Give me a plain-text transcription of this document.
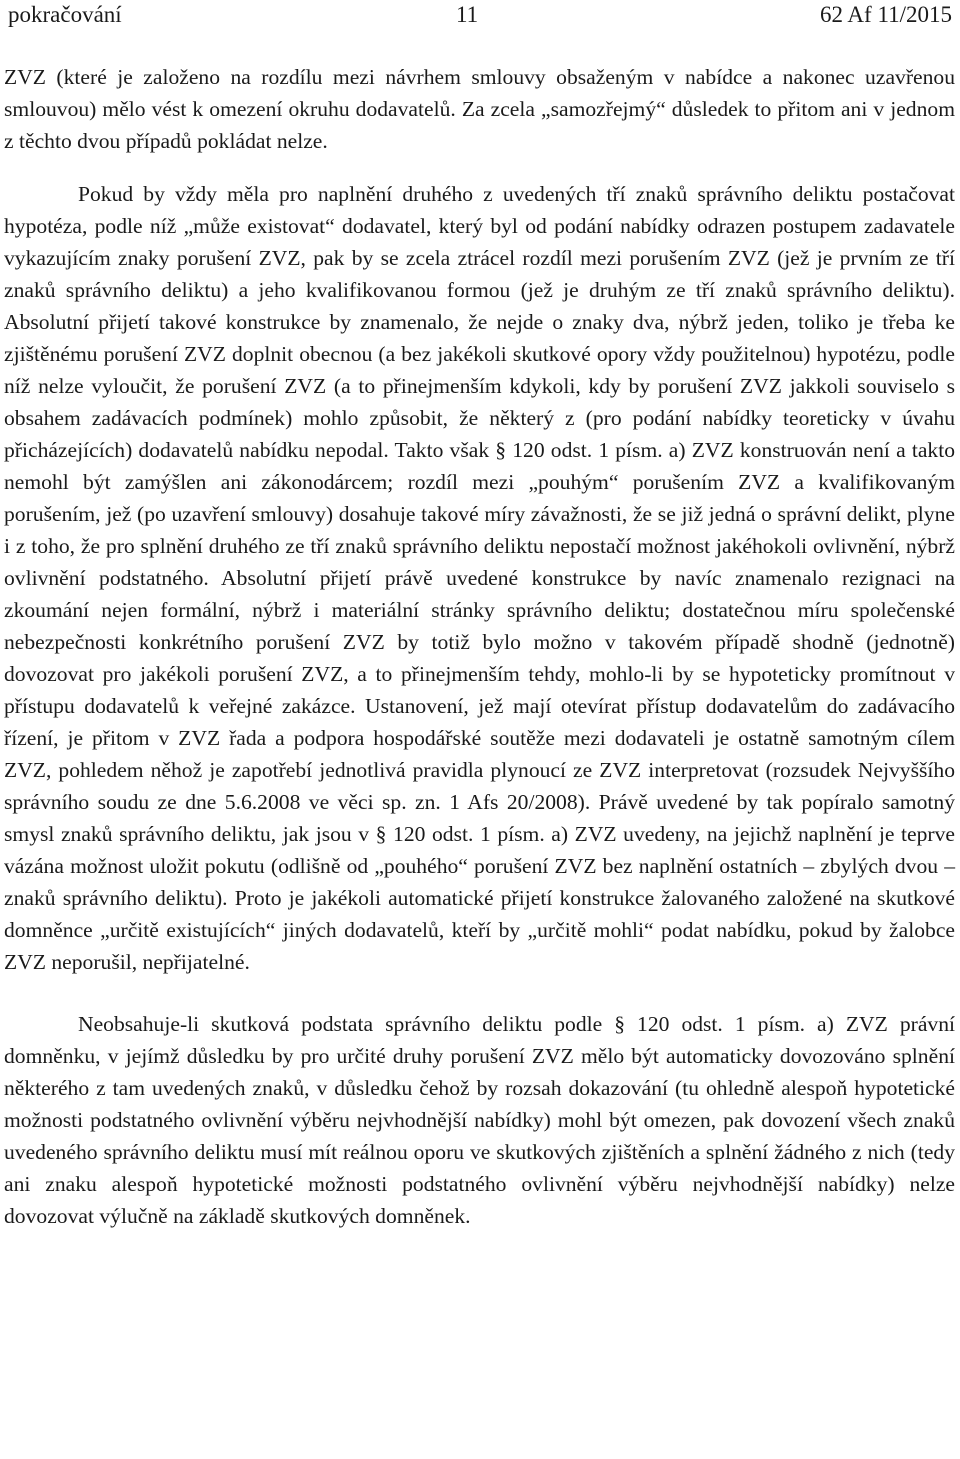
pokračování	11	62 Af 11/2015

ZVZ (které je založeno na rozdílu mezi návrhem smlouvy obsaženým v nabídce a nakonec uzavřenou smlouvou) mělo vést k omezení okruhu dodavatelů. Za zcela „samozřejmý“ důsledek to přitom ani v jednom z těchto dvou případů pokládat nelze.

Pokud by vždy měla pro naplnění druhého z uvedených tří znaků správního deliktu postačovat hypotéza, podle níž „může existovat“ dodavatel, který byl od podání nabídky odrazen postupem zadavatele vykazujícím znaky porušení ZVZ, pak by se zcela ztrácel rozdíl mezi porušením ZVZ (jež je prvním ze tří znaků správního deliktu) a jeho kvalifikovanou formou (jež je druhým ze tří znaků správního deliktu). Absolutní přijetí takové konstrukce by znamenalo, že nejde o znaky dva, nýbrž jeden, toliko je třeba ke zjištěnému porušení ZVZ doplnit obecnou (a bez jakékoli skutkové opory vždy použitelnou) hypotézu, podle níž nelze vyloučit, že porušení ZVZ (a to přinejmenším kdykoli, kdy by porušení ZVZ jakkoli souviselo s obsahem zadávacích podmínek) mohlo způsobit, že některý z (pro podání nabídky teoreticky v úvahu přicházejících) dodavatelů nabídku nepodal. Takto však § 120 odst. 1 písm. a) ZVZ konstruován není a takto nemohl být zamýšlen ani zákonodárcem; rozdíl mezi „pouhým“ porušením ZVZ a kvalifikovaným porušením, jež (po uzavření smlouvy) dosahuje takové míry závažnosti, že se již jedná o správní delikt, plyne i z toho, že pro splnění druhého ze tří znaků správního deliktu nepostačí možnost jakéhokoli ovlivnění, nýbrž ovlivnění podstatného. Absolutní přijetí právě uvedené konstrukce by navíc znamenalo rezignaci na zkoumání nejen formální, nýbrž i materiální stránky správního deliktu; dostatečnou míru společenské nebezpečnosti konkrétního porušení ZVZ by totiž bylo možno v takovém případě shodně (jednotně) dovozovat pro jakékoli porušení ZVZ, a to přinejmenším tehdy, mohlo-li by se hypoteticky promítnout v přístupu dodavatelů k veřejné zakázce. Ustanovení, jež mají otevírat přístup dodavatelům do zadávacího řízení, je přitom v ZVZ řada a podpora hospodářské soutěže mezi dodavateli je ostatně samotným cílem ZVZ, pohledem něhož je zapotřebí jednotlivá pravidla plynoucí ze ZVZ interpretovat (rozsudek Nejvyššího správního soudu ze dne 5.6.2008 ve věci sp. zn. 1 Afs 20/2008). Právě uvedené by tak popíralo samotný smysl znaků správního deliktu, jak jsou v § 120 odst. 1 písm. a) ZVZ uvedeny, na jejichž naplnění je teprve vázána možnost uložit pokutu (odlišně od „pouhého“ porušení ZVZ bez naplnění ostatních – zbylých dvou – znaků správního deliktu). Proto je jakékoli automatické přijetí konstrukce žalovaného založené na skutkové domněnce „určitě existujících“ jiných dodavatelů, kteří by „určitě mohli“ podat nabídku, pokud by žalobce ZVZ neporušil, nepřijatelné.

Neobsahuje-li skutková podstata správního deliktu podle § 120 odst. 1 písm. a) ZVZ právní domněnku, v jejímž důsledku by pro určité druhy porušení ZVZ mělo být automaticky dovozováno splnění některého z tam uvedených znaků, v důsledku čehož by rozsah dokazování (tu ohledně alespoň hypotetické možnosti podstatného ovlivnění výběru nejvhodnější nabídky) mohl být omezen, pak dovození všech znaků uvedeného správního deliktu musí mít reálnou oporu ve skutkových zjištěních a splnění žádného z nich (tedy ani znaku alespoň hypotetické možnosti podstatného ovlivnění výběru nejvhodnější nabídky) nelze dovozovat výlučně na základě skutkových domněnek.
